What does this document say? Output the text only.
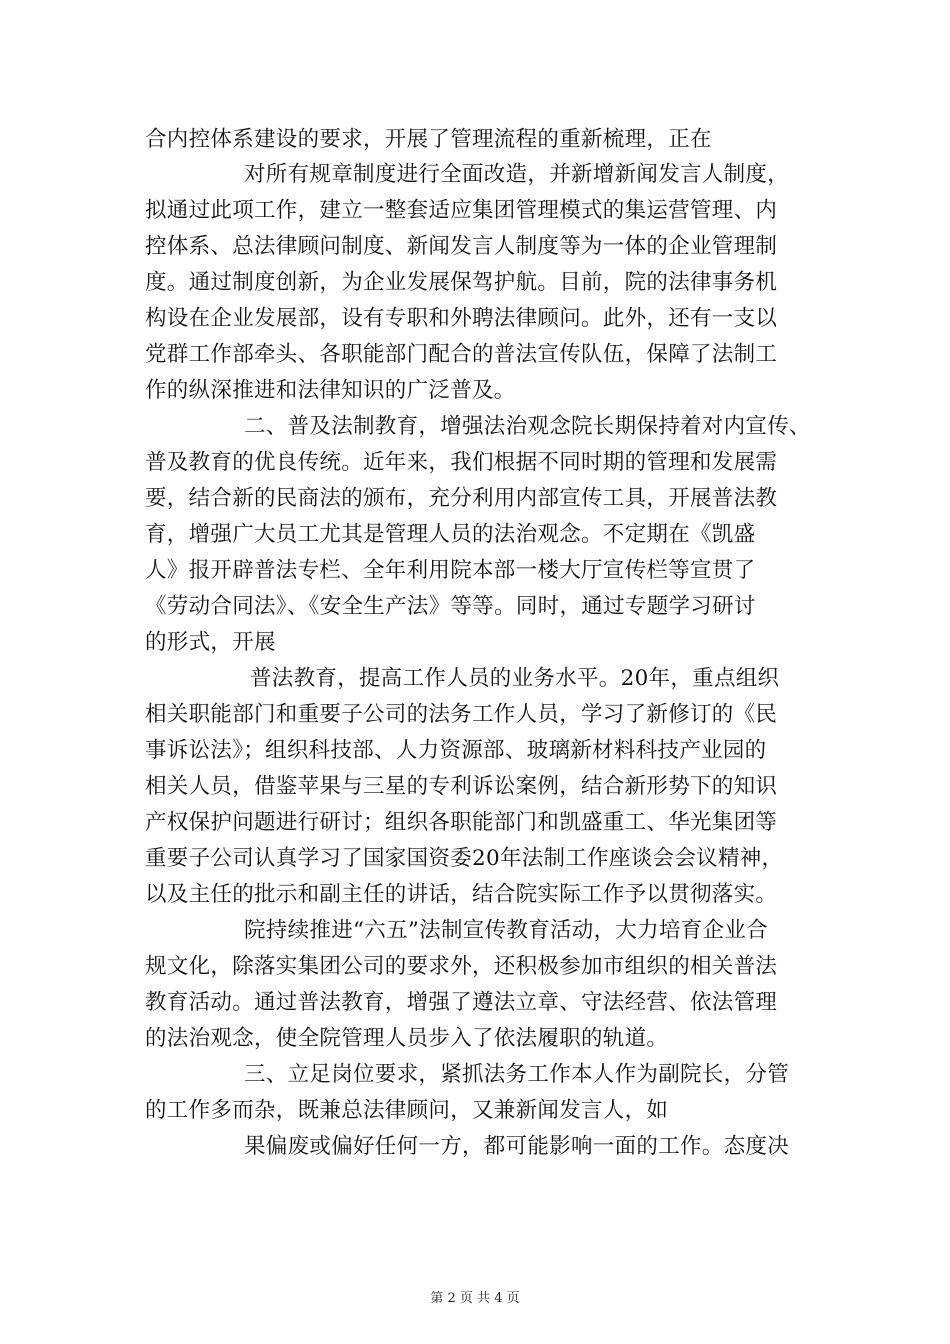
合内控体系建设的要求，开展了管理流程的重新梳理，正在
对所有规章制度进行全面改造，并新增新闻发言人制度，
拟通过此项工作，建立一整套适应集团管理模式的集运营管理、内
控体系、总法律顾问制度、新闻发言人制度等为一体的企业管理制
度。通过制度创新，为企业发展保驾护航。目前，院的法律事务机
构设在企业发展部，设有专职和外聘法律顾问。此外，还有一支以
党群工作部牵头、各职能部门配合的普法宣传队伍，保障了法制工
作的纵深推进和法律知识的广泛普及。
二、普及法制教育，增强法治观念院长期保持着对内宣传、
普及教育的优良传统。近年来，我们根据不同时期的管理和发展需
要，结合新的民商法的颁布，充分利用内部宣传工具，开展普法教
育，增强广大员工尤其是管理人员的法治观念。不定期在《凯盛
人》报开辟普法专栏、全年利用院本部一楼大厅宣传栏等宣贯了
《劳动合同法》、《安全生产法》等等。同时，通过专题学习研讨
的形式，开展
普法教育，提高工作人员的业务水平。20年，重点组织
相关职能部门和重要子公司的法务工作人员，学习了新修订的《民
事诉讼法》；组织科技部、人力资源部、玻璃新材料科技产业园的
相关人员，借鉴苹果与三星的专利诉讼案例，结合新形势下的知识
产权保护问题进行研讨；组织各职能部门和凯盛重工、华光集团等
重要子公司认真学习了国家国资委20年法制工作座谈会会议精神，
以及主任的批示和副主任的讲话，结合院实际工作予以贯彻落实。
院持续推进“六五”法制宣传教育活动，大力培育企业合
规文化，除落实集团公司的要求外，还积极参加市组织的相关普法
教育活动。通过普法教育，增强了遵法立章、守法经营、依法管理
的法治观念，使全院管理人员步入了依法履职的轨道。
三、立足岗位要求，紧抓法务工作本人作为副院长，分管
的工作多而杂，既兼总法律顾问，又兼新闻发言人，如
果偏废或偏好任何一方，都可能影响一面的工作。态度决
第 2 页 共 4 页
